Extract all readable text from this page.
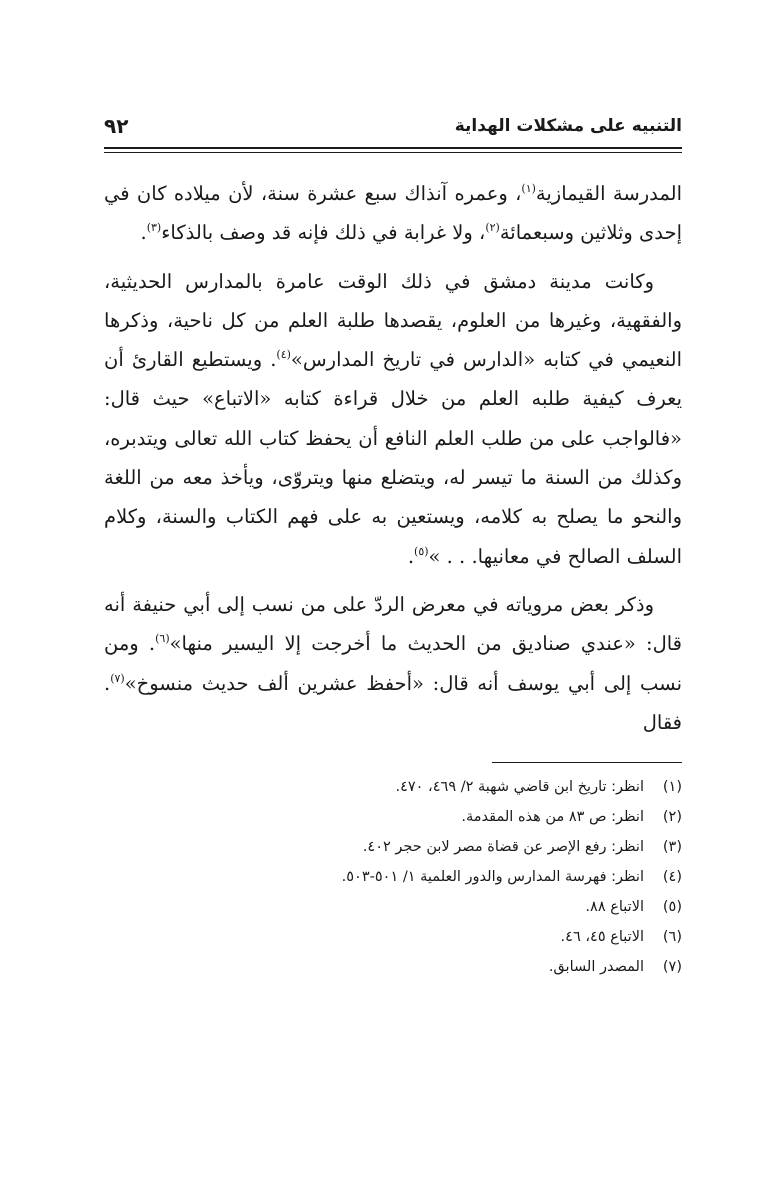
التنبيه على مشكلات الهداية
٩٢

المدرسة القيمازية$^{(١)}$، وعمره آنذاك سبع عشرة سنة، لأن ميلاده كان في إحدى وثلاثين وسبعمائة$^{(٢)}$، ولا غرابة في ذلك فإنه قد وصف بالذكاء$^{(٣)}$.

وكانت مدينة دمشق في ذلك الوقت عامرة بالمدارس الحديثية، والفقهية، وغيرها من العلوم، يقصدها طلبة العلم من كل ناحية، وذكرها النعيمي في كتابه «الدارس في تاريخ المدارس»$^{(٤)}$. ويستطيع القارئ أن يعرف كيفية طلبه العلم من خلال قراءة كتابه «الاتباع» حيث قال: «فالواجب على من طلب العلم النافع أن يحفظ كتاب الله تعالى ويتدبره، وكذلك من السنة ما تيسر له، ويتضلع منها ويتروّى، ويأخذ معه من اللغة والنحو ما يصلح به كلامه، ويستعين به على فهم الكتاب والسنة، وكلام السلف الصالح في معانيها. . . »$^{(٥)}$.

وذكر بعض مروياته في معرض الردّ على من نسب إلى أبي حنيفة أنه قال: «عندي صناديق من الحديث ما أخرجت إلا اليسير منها»$^{(٦)}$. ومن نسب إلى أبي يوسف أنه قال: «أحفظ عشرين ألف حديث منسوخ»$^{(٧)}$. فقال

(١)
انظر: تاريخ ابن قاضي شهبة ٢/ ٤٦٩، ٤٧٠.
(٢)
انظر: ص ٨٣ من هذه المقدمة.
(٣)
انظر: رفع الإصر عن قضاة مصر لابن حجر ٤٠٢.
(٤)
انظر: فهرسة المدارس والدور العلمية ١/ ٥٠١-٥٠٣.
(٥)
الاتباع ٨٨.
(٦)
الاتباع ٤٥، ٤٦.
(٧)
المصدر السابق.
